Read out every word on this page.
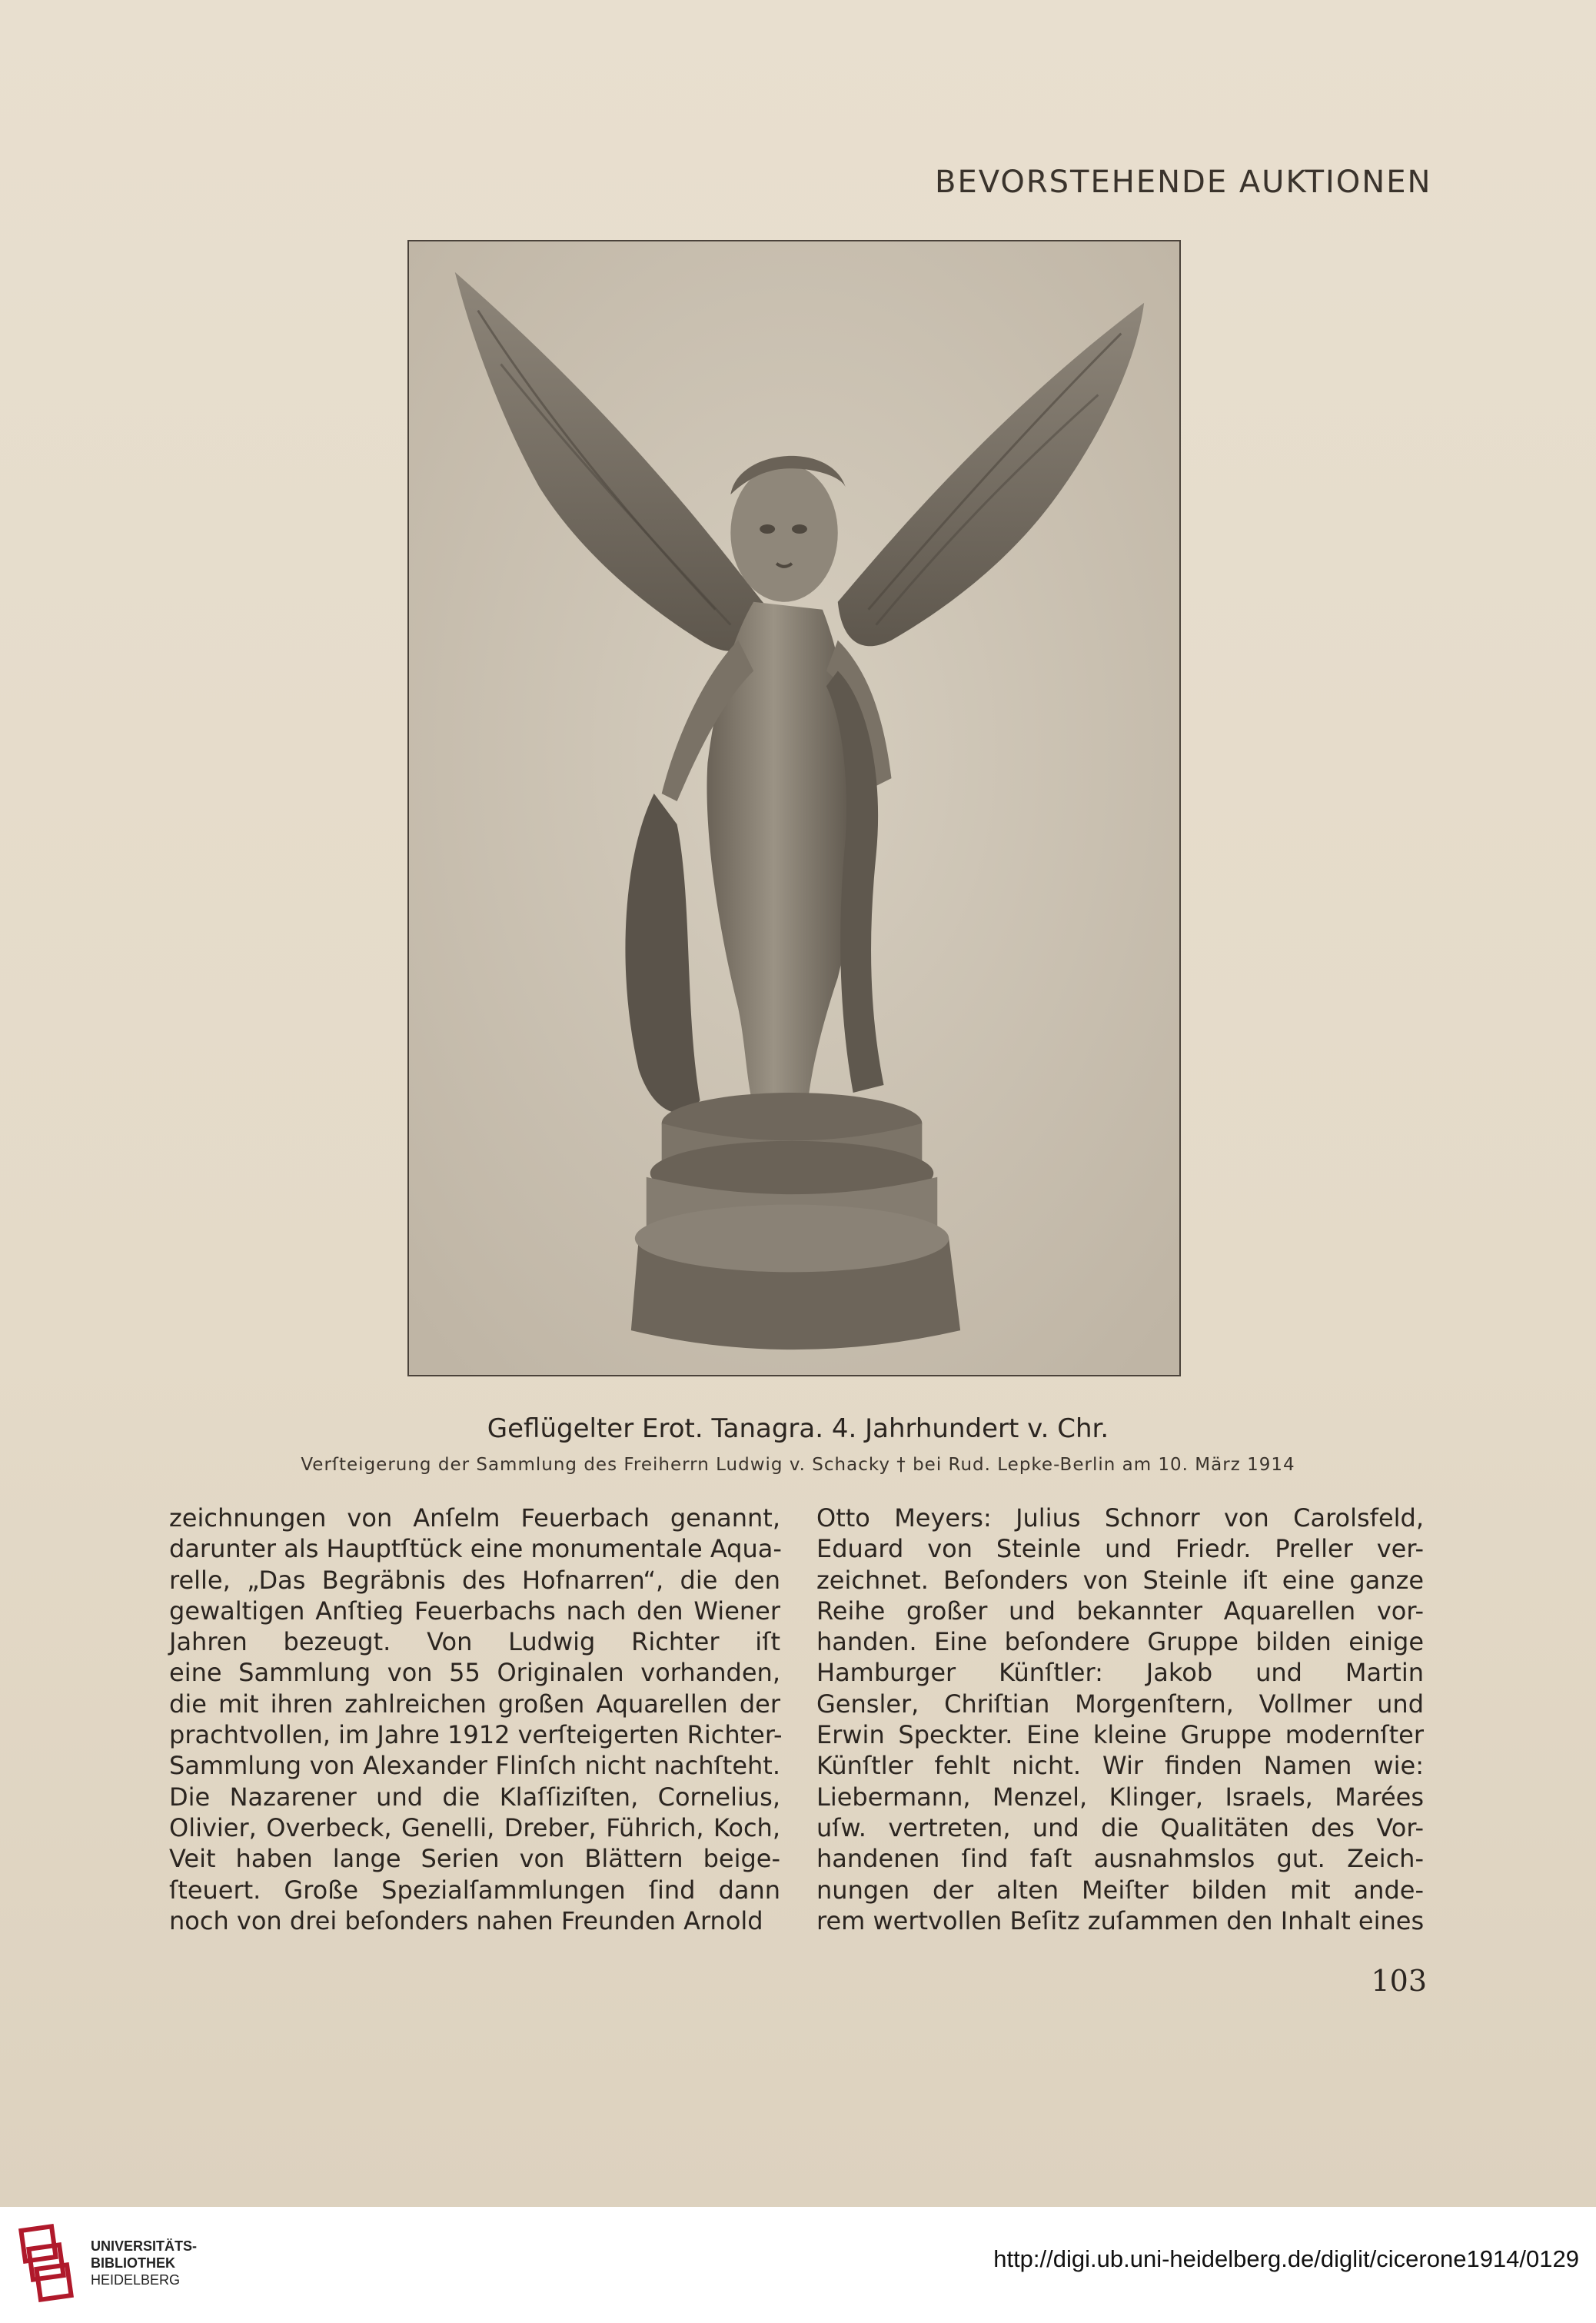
BEVORSTEHENDE AUKTIONEN
Geflügelter Erot. Tanagra. 4. Jahrhundert v. Chr.
Verſteigerung der Sammlung des Freiherrn Ludwig v. Schacky † bei Rud. Lepke-Berlin am 10. März 1914
zeichnungen von Anſelm Feuerbach genannt,
darunter als Hauptſtück eine monumentale Aqua-
relle, „Das Begräbnis des Hofnarren“, die den
gewaltigen Anſtieg Feuerbachs nach den Wiener
Jahren bezeugt. Von Ludwig Richter iſt
eine Sammlung von 55 Originalen vorhanden,
die mit ihren zahlreichen großen Aquarellen der
prachtvollen, im Jahre 1912 verſteigerten Richter-
Sammlung von Alexander Flinſch nicht nachſteht.
Die Nazarener und die Klaſſiziſten, Cornelius,
Olivier, Overbeck, Genelli, Dreber, Führich, Koch,
Veit haben lange Serien von Blättern beige-
ſteuert. Große Spezialſammlungen ſind dann
noch von drei beſonders nahen Freunden Arnold
Otto Meyers: Julius Schnorr von Carolsfeld,
Eduard von Steinle und Friedr. Preller ver-
zeichnet. Beſonders von Steinle iſt eine ganze
Reihe großer und bekannter Aquarellen vor-
handen. Eine beſondere Gruppe bilden einige
Hamburger Künſtler: Jakob und Martin
Gensler, Chriſtian Morgenſtern, Vollmer und
Erwin Speckter. Eine kleine Gruppe modernſter
Künſtler fehlt nicht. Wir finden Namen wie:
Liebermann, Menzel, Klinger, Israels, Marées
uſw. vertreten, und die Qualitäten des Vor-
handenen ſind faſt ausnahmslos gut. Zeich-
nungen der alten Meiſter bilden mit ande-
rem wertvollen Beſitz zuſammen den Inhalt eines
103
UNIVERSITÄTS-
BIBLIOTHEK
HEIDELBERG
http://digi.ub.uni-heidelberg.de/diglit/cicerone1914/0129
